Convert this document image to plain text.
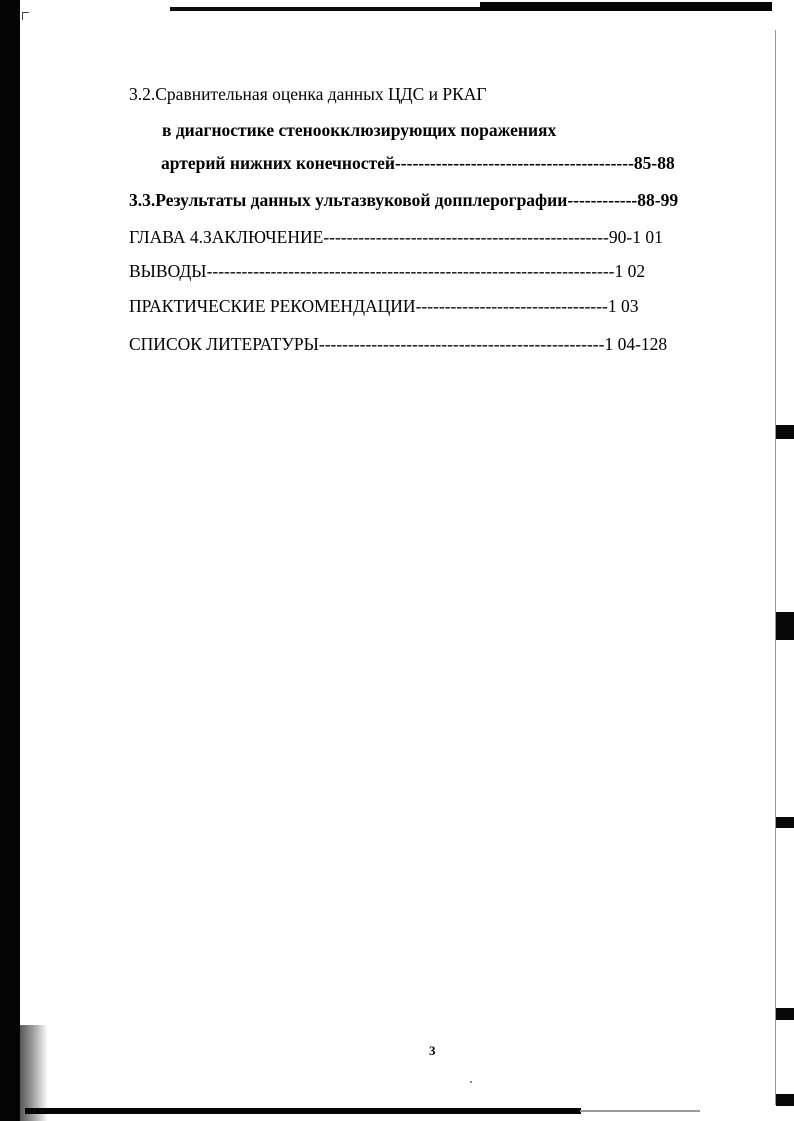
3.2.Сравнительная оценка данных ЦДС и РКАГ
в диагностике стеноокклюзирующих поражениях
артерий нижних конечностей-----------------------------------------85-88
3.3.Результаты данных ультазвуковой допплерографии------------88-99
ГЛАВА 4.ЗАКЛЮЧЕНИЕ-------------------------------------------------90-1 01
ВЫВОДЫ----------------------------------------------------------------------1 02
ПРАКТИЧЕСКИЕ РЕКОМЕНДАЦИИ---------------------------------1 03
СПИСОК ЛИТЕРАТУРЫ-------------------------------------------------1 04-128
3
